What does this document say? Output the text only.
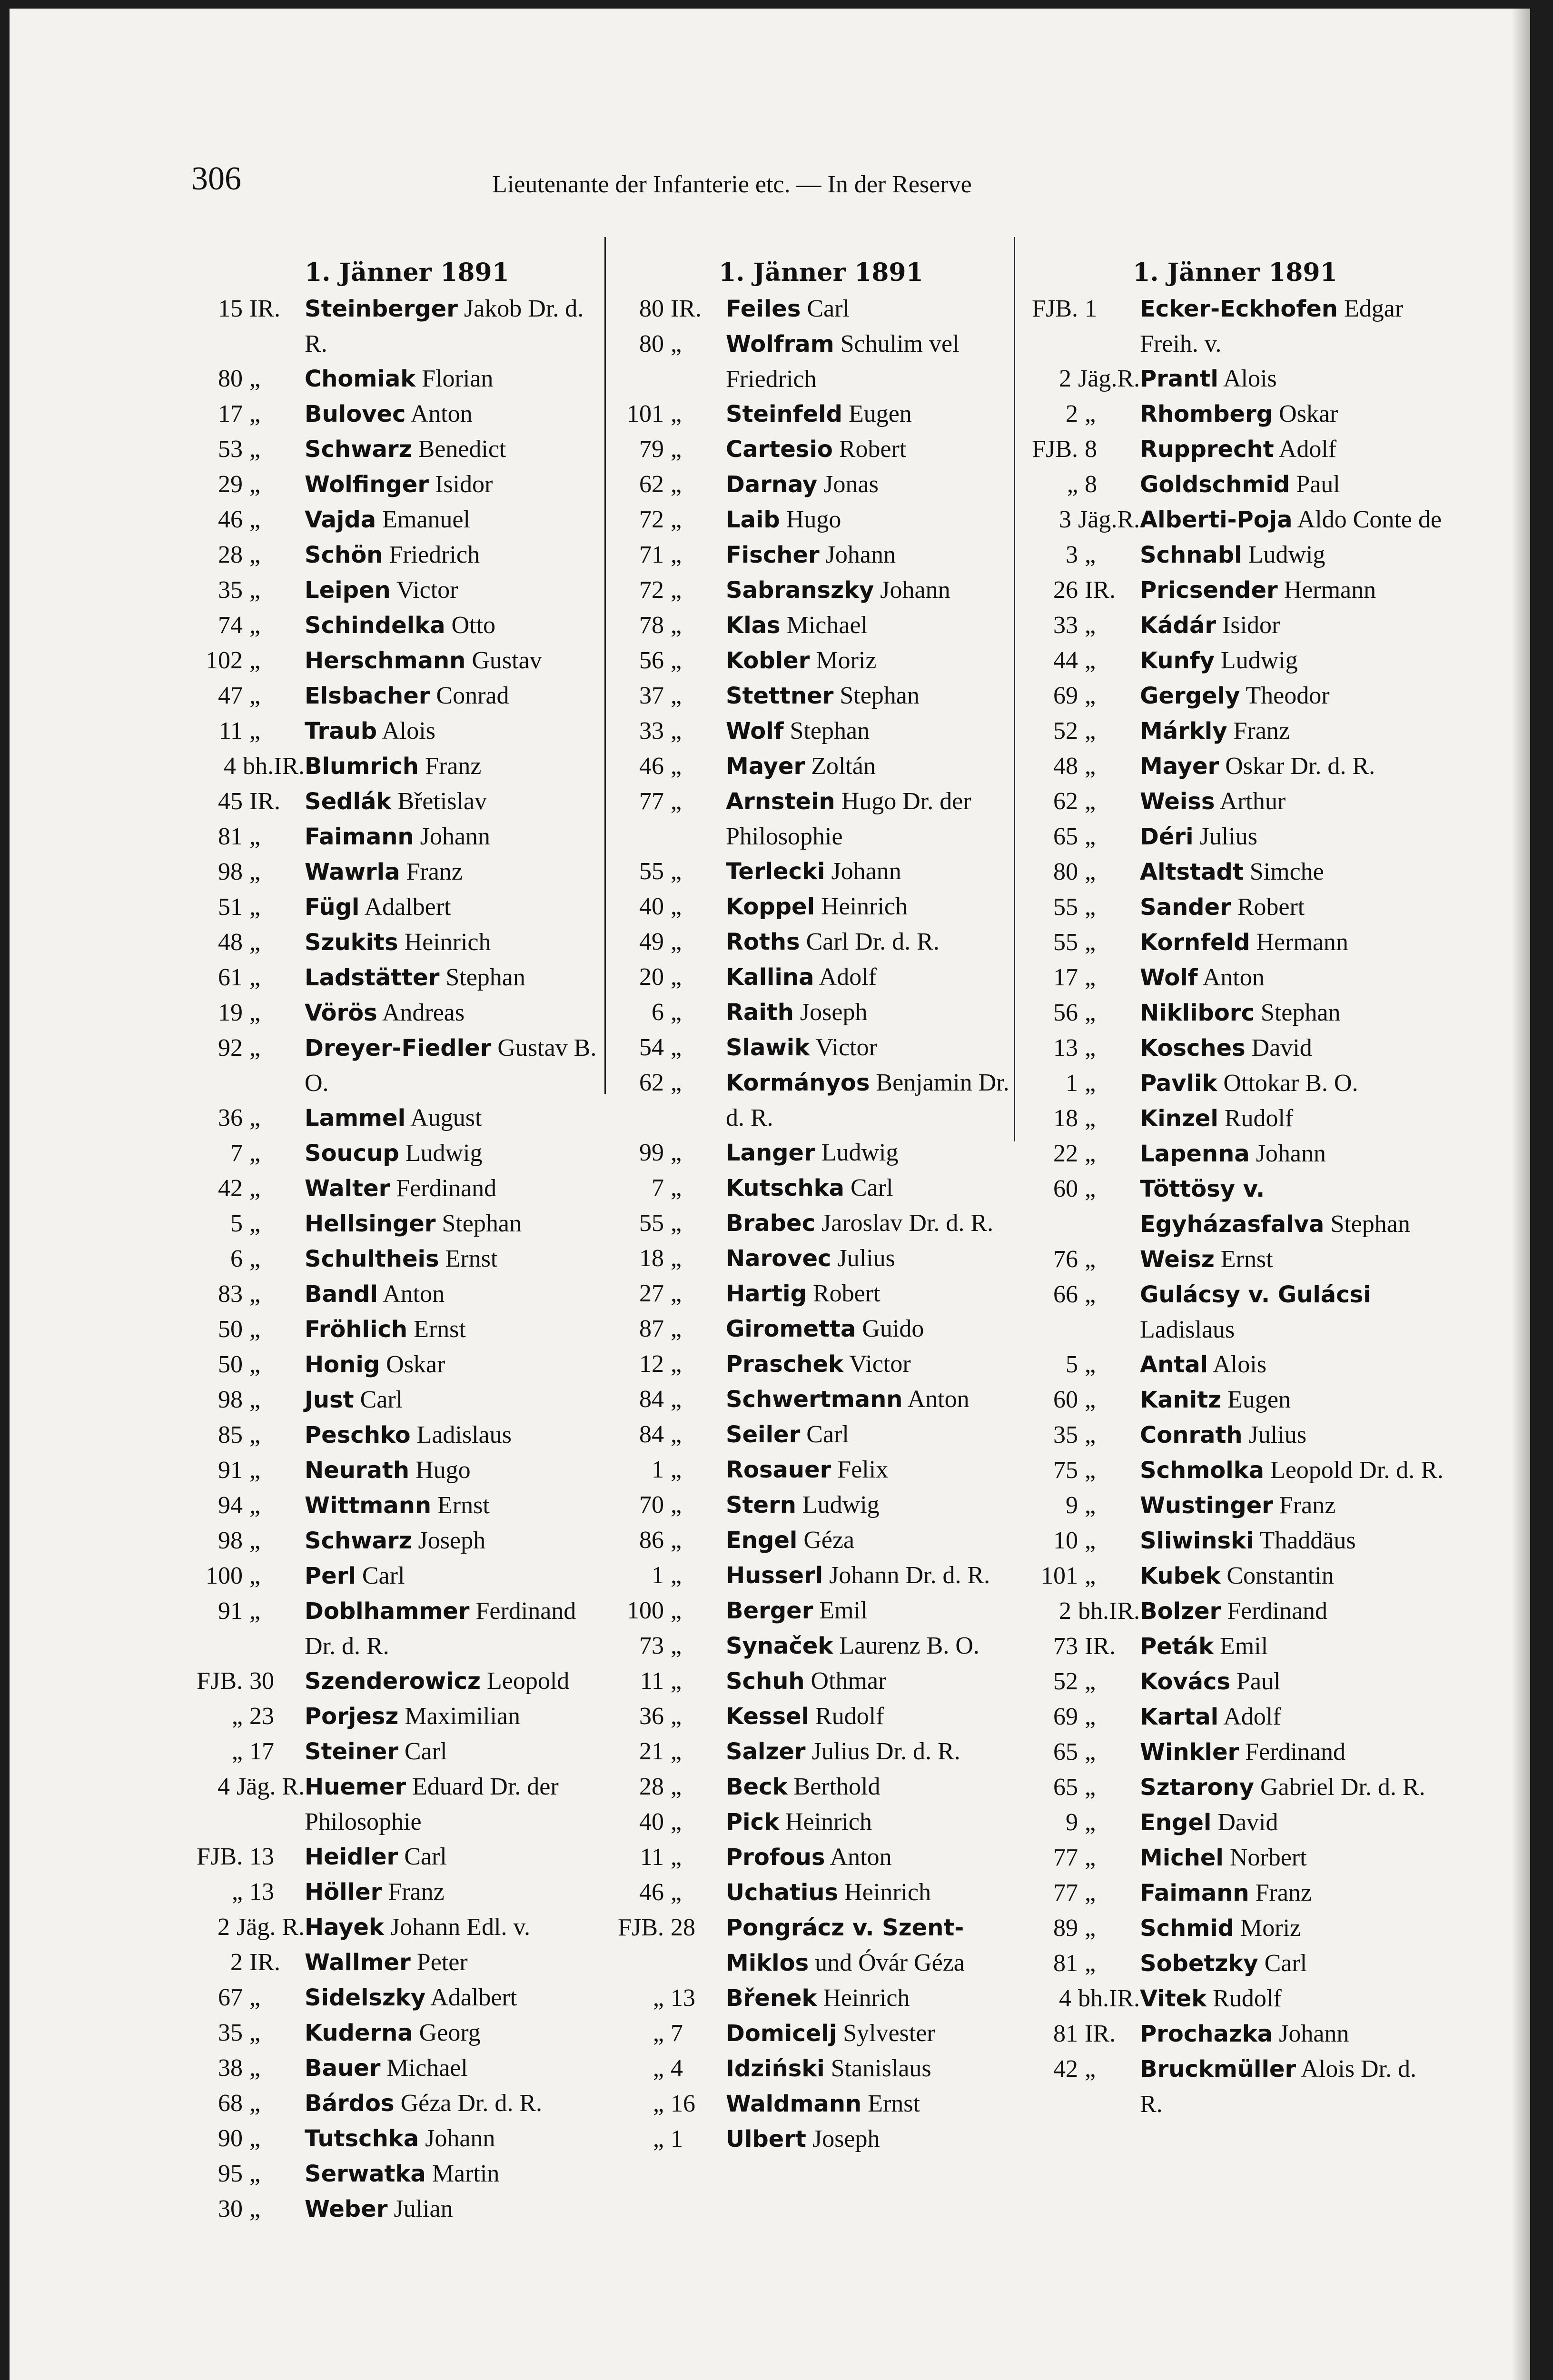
306	Lieutenante der Infanterie etc. — In der Reserve
1. Jänner 1891
15 IR. Steinberger Jakob Dr. d. R.
80 „ Chomiak Florian
17 „ Bulovec Anton
53 „ Schwarz Benedict
29 „ Wolfinger Isidor
46 „ Vajda Emanuel
28 „ Schön Friedrich
35 „ Leipen Victor
74 „ Schindelka Otto
102 „ Herschmann Gustav
47 „ Elsbacher Conrad
11 „ Traub Alois
4 bh.IR. Blumrich Franz
45 IR. Sedlák Břetislav
81 „ Faimann Johann
98 „ Wawrla Franz
51 „ Fügl Adalbert
48 „ Szukits Heinrich
61 „ Ladstätter Stephan
19 „ Vörös Andreas
92 „ Dreyer-Fiedler Gustav B. O.
36 „ Lammel August
7 „ Soucup Ludwig
42 „ Walter Ferdinand
5 „ Hellsinger Stephan
6 „ Schultheis Ernst
83 „ Bandl Anton
50 „ Fröhlich Ernst
50 „ Honig Oskar
98 „ Just Carl
85 „ Peschko Ladislaus
91 „ Neurath Hugo
94 „ Wittmann Ernst
98 „ Schwarz Joseph
100 „ Perl Carl
91 „ Doblhammer Ferdinand Dr. d. R.
FJB. 30 Szenderowicz Leopold
„ 23 Porjesz Maximilian
„ 17 Steiner Carl
4 Jäg. R. Huemer Eduard Dr. der Philosophie
FJB. 13 Heidler Carl
„ 13 Höller Franz
2 Jäg. R. Hayek Johann Edl. v.
2 IR. Wallmer Peter
67 „ Sidelszky Adalbert
35 „ Kuderna Georg
38 „ Bauer Michael
68 „ Bárdos Géza Dr. d. R.
90 „ Tutschka Johann
95 „ Serwatka Martin
30 „ Weber Julian
1. Jänner 1891
80 IR. Feiles Carl
80 „ Wolfram Schulim vel Friedrich
101 „ Steinfeld Eugen
79 „ Cartesio Robert
62 „ Darnay Jonas
72 „ Laib Hugo
71 „ Fischer Johann
72 „ Sabranszky Johann
78 „ Klas Michael
56 „ Kobler Moriz
37 „ Stettner Stephan
33 „ Wolf Stephan
46 „ Mayer Zoltán
77 „ Arnstein Hugo Dr. der Philosophie
55 „ Terlecki Johann
40 „ Koppel Heinrich
49 „ Roths Carl Dr. d. R.
20 „ Kallina Adolf
6 „ Raith Joseph
54 „ Slawik Victor
62 „ Kormányos Benjamin Dr. d. R.
99 „ Langer Ludwig
7 „ Kutschka Carl
55 „ Brabec Jaroslav Dr. d. R.
18 „ Narovec Julius
27 „ Hartig Robert
87 „ Girometta Guido
12 „ Praschek Victor
84 „ Schwertmann Anton
84 „ Seiler Carl
1 „ Rosauer Felix
70 „ Stern Ludwig
86 „ Engel Géza
1 „ Husserl Johann Dr. d. R.
100 „ Berger Emil
73 „ Synaček Laurenz B. O.
11 „ Schuh Othmar
36 „ Kessel Rudolf
21 „ Salzer Julius Dr. d. R.
28 „ Beck Berthold
40 „ Pick Heinrich
11 „ Profous Anton
46 „ Uchatius Heinrich
FJB. 28 Pongrácz v. Szent-Miklos und Óvár Géza
„ 13 Břenek Heinrich
„ 7 Domicelj Sylvester
„ 4 Idziński Stanislaus
„ 16 Waldmann Ernst
„ 1 Ulbert Joseph
1. Jänner 1891
FJB. 1 Ecker-Eckhofen Edgar Freih. v.
2 Jäg.R. Prantl Alois
2 „ Rhomberg Oskar
FJB. 8 Rupprecht Adolf
„ 8 Goldschmid Paul
3 Jäg.R. Alberti-Poja Aldo Conte de
3 „ Schnabl Ludwig
26 IR. Pricsender Hermann
33 „ Kádár Isidor
44 „ Kunfy Ludwig
69 „ Gergely Theodor
52 „ Márkly Franz
48 „ Mayer Oskar Dr. d. R.
62 „ Weiss Arthur
65 „ Déri Julius
80 „ Altstadt Simche
55 „ Sander Robert
55 „ Kornfeld Hermann
17 „ Wolf Anton
56 „ Nikliborc Stephan
13 „ Kosches David
1 „ Pavlik Ottokar B. O.
18 „ Kinzel Rudolf
22 „ Lapenna Johann
60 „ Töttösy v. Egyházasfalva Stephan
76 „ Weisz Ernst
66 „ Gulácsy v. Gulácsi Ladislaus
5 „ Antal Alois
60 „ Kanitz Eugen
35 „ Conrath Julius
75 „ Schmolka Leopold Dr. d. R.
9 „ Wustinger Franz
10 „ Sliwinski Thaddäus
101 „ Kubek Constantin
2 bh.IR. Bolzer Ferdinand
73 IR. Peták Emil
52 „ Kovács Paul
69 „ Kartal Adolf
65 „ Winkler Ferdinand
65 „ Sztarony Gabriel Dr. d. R.
9 „ Engel David
77 „ Michel Norbert
77 „ Faimann Franz
89 „ Schmid Moriz
81 „ Sobetzky Carl
4 bh.IR. Vitek Rudolf
81 IR. Prochazka Johann
42 „ Bruckmüller Alois Dr. d. R.
